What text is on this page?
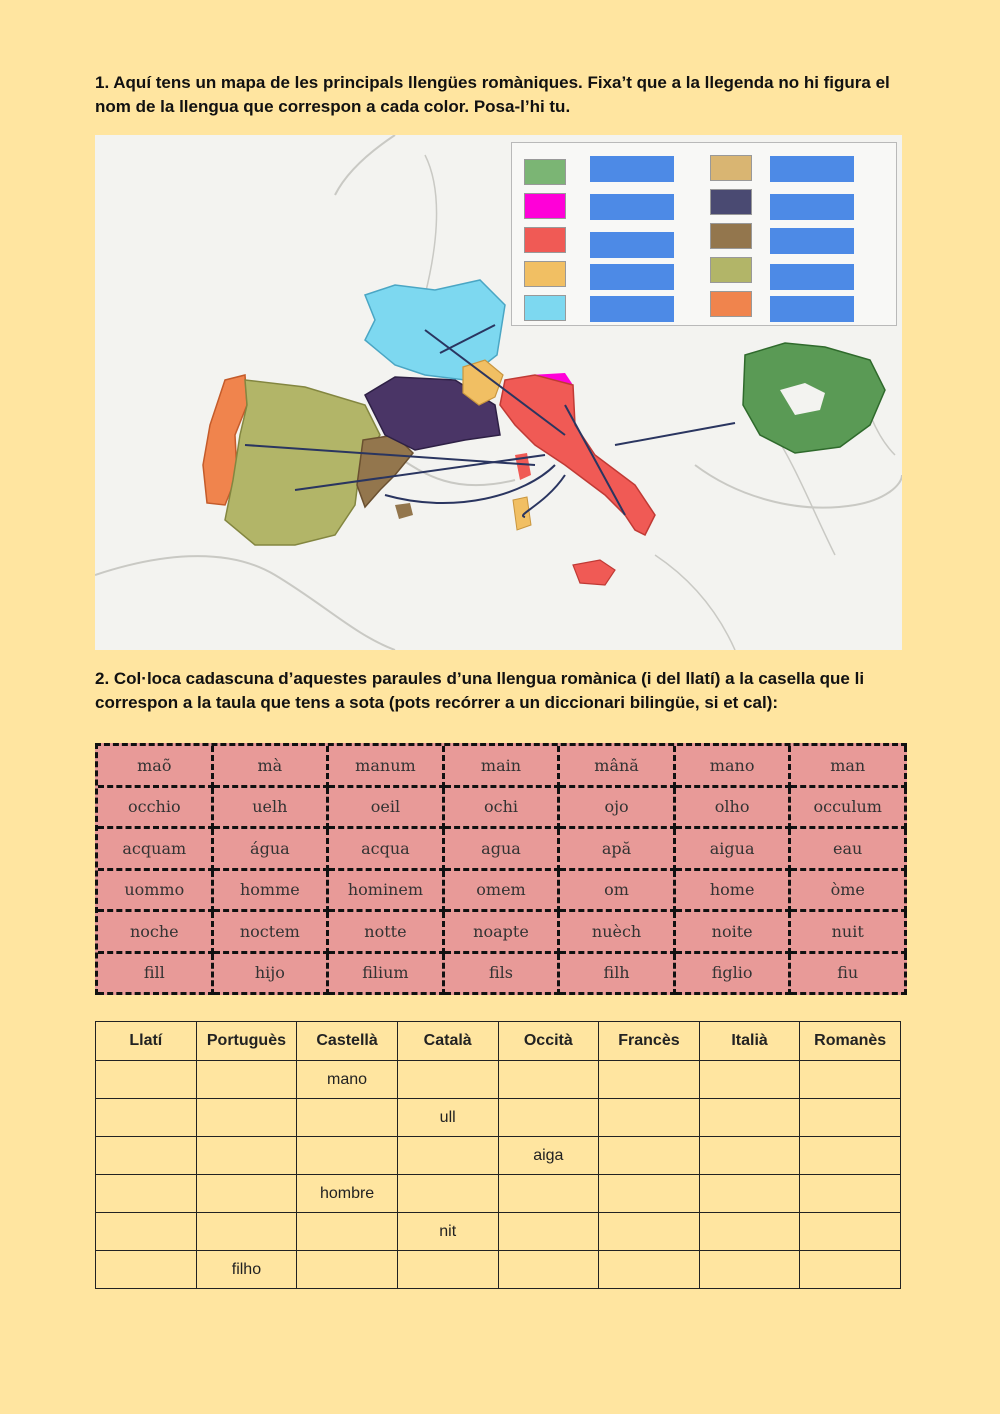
1. Aquí tens un mapa de les principals llengües romàniques. Fixa’t que a la llegenda no hi figura el nom de la llengua que correspon a cada color. Posa-l’hi tu.
2. Col·loca cadascuna d’aquestes paraules d’una llengua romànica (i del llatí) a la casella que li correspon a la taula que tens a sota (pots recórrer a un diccionari bilingüe, si et cal):
maõ	mà	manum	main	mână	mano	man
occhio	uelh	oeil	ochi	ojo	olho	occulum
acquam	água	acqua	agua	apă	aigua	eau
uommo	homme	hominem	omem	om	home	òme
noche	noctem	notte	noapte	nuèch	noite	nuit
fill	hijo	filium	fils	filh	figlio	fiu
Llatí	Portuguès	Castellà	Català	Occità	Francès	Italià	Romanès
		mano					
			ull				
				aiga			
		hombre					
			nit				
	filho						
